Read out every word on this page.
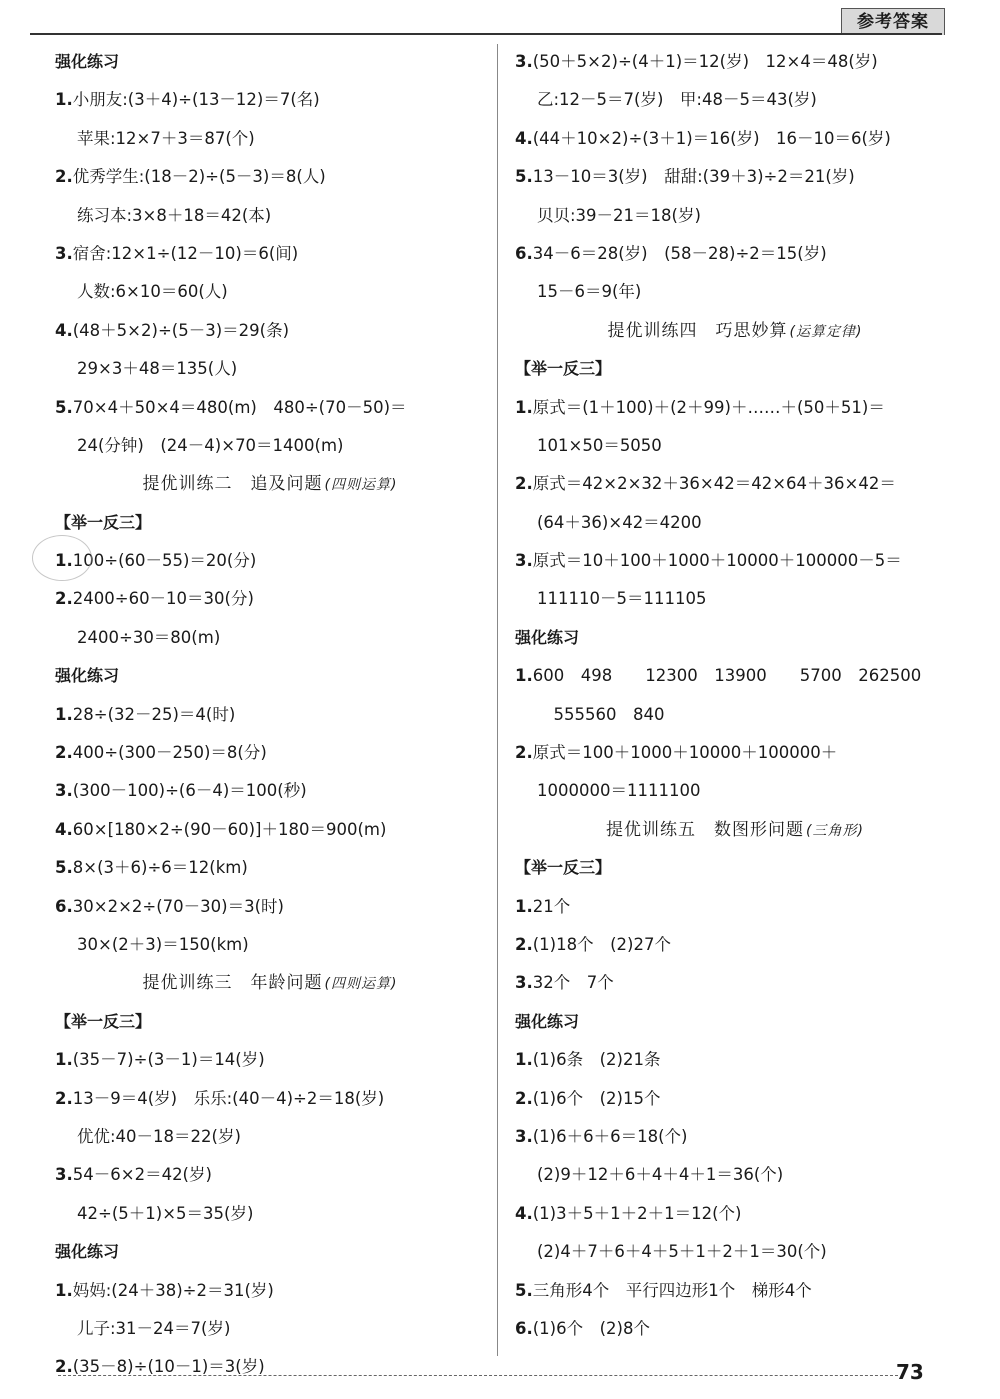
参考答案
强化练习
1.小朋友:(3＋4)÷(13－12)＝7(名)
苹果:12×7＋3＝87(个)
2.优秀学生:(18－2)÷(5－3)＝8(人)
练习本:3×8＋18＝42(本)
3.宿舍:12×1÷(12－10)＝6(间)
人数:6×10＝60(人)
4.(48＋5×2)÷(5－3)＝29(条)
29×3＋48＝135(人)
5.70×4＋50×4＝480(m)　480÷(70－50)＝
24(分钟)　(24－4)×70＝1400(m)
提优训练二　追及问题 (四则运算)
【举一反三】
1.100÷(60－55)＝20(分)
2.2400÷60－10＝30(分)
2400÷30＝80(m)
强化练习
1.28÷(32－25)＝4(时)
2.400÷(300－250)＝8(分)
3.(300－100)÷(6－4)＝100(秒)
4.60×[180×2÷(90－60)]＋180＝900(m)
5.8×(3＋6)÷6＝12(km)
6.30×2×2÷(70－30)＝3(时)
30×(2＋3)＝150(km)
提优训练三　年龄问题 (四则运算)
【举一反三】
1.(35－7)÷(3－1)＝14(岁)
2.13－9＝4(岁)　乐乐:(40－4)÷2＝18(岁)
优优:40－18＝22(岁)
3.54－6×2＝42(岁)
42÷(5＋1)×5＝35(岁)
强化练习
1.妈妈:(24＋38)÷2＝31(岁)
儿子:31－24＝7(岁)
2.(35－8)÷(10－1)＝3(岁)
3.(50＋5×2)÷(4＋1)＝12(岁)　12×4＝48(岁)
乙:12－5＝7(岁)　甲:48－5＝43(岁)
4.(44＋10×2)÷(3＋1)＝16(岁)　16－10＝6(岁)
5.13－10＝3(岁)　甜甜:(39＋3)÷2＝21(岁)
贝贝:39－21＝18(岁)
6.34－6＝28(岁)　(58－28)÷2＝15(岁)
15－6＝9(年)
提优训练四　巧思妙算 (运算定律)
【举一反三】
1.原式＝(1＋100)＋(2＋99)＋……＋(50＋51)＝
101×50＝5050
2.原式＝42×2×32＋36×42＝42×64＋36×42＝
(64＋36)×42＝4200
3.原式＝10＋100＋1000＋10000＋100000－5＝
111110－5＝111105
强化练习
1.600　498　　12300　13900　　5700　262500
　555560　840
2.原式＝100＋1000＋10000＋100000＋
1000000＝1111100
提优训练五　数图形问题 (三角形)
【举一反三】
1.21个
2.(1)18个　(2)27个
3.32个　7个
强化练习
1.(1)6条　(2)21条
2.(1)6个　(2)15个
3.(1)6＋6＋6＝18(个)
(2)9＋12＋6＋4＋4＋1＝36(个)
4.(1)3＋5＋1＋2＋1＝12(个)
(2)4＋7＋6＋4＋5＋1＋2＋1＝30(个)
5.三角形4个　平行四边形1个　梯形4个
6.(1)6个　(2)8个
73
